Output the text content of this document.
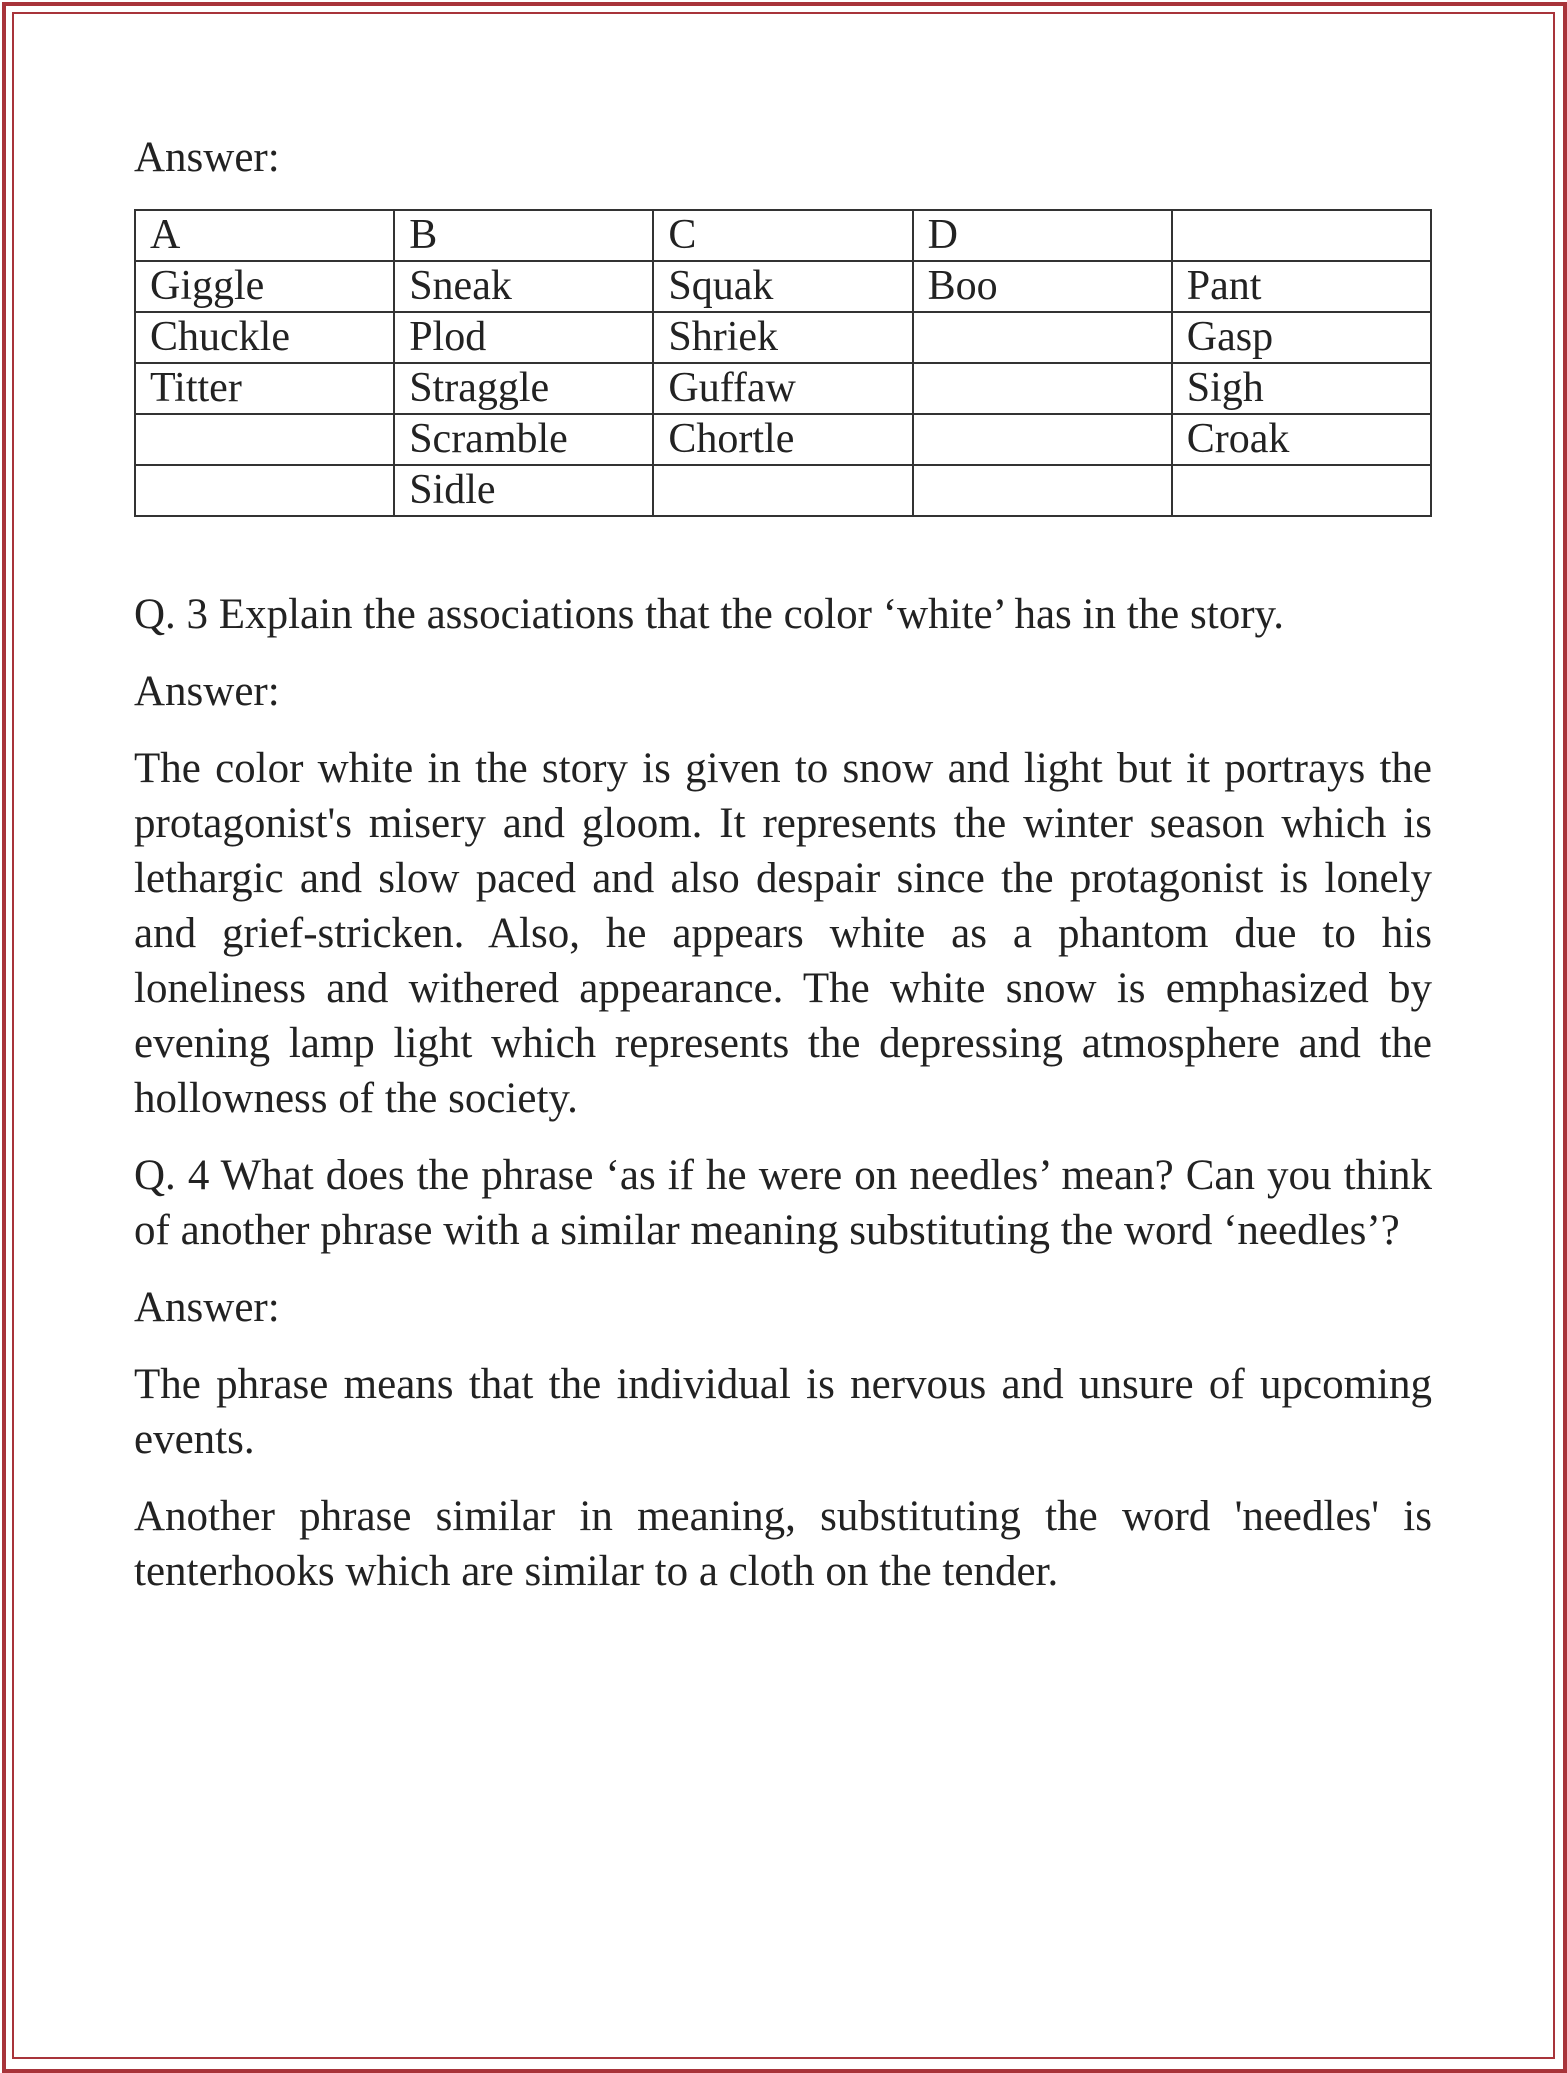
Answer:
A	B	C	D	
Giggle	Sneak	Squak	Boo	Pant
Chuckle	Plod	Shriek		Gasp
Titter	Straggle	Guffaw		Sigh
	Scramble	Chortle		Croak
	Sidle			
Q. 3 Explain the associations that the color ‘white’ has in the story.
Answer:

The color white in the story is given to snow and light but it portrays the protagonist's misery and gloom. It represents the winter season which is lethargic and slow paced and also despair since the protagonist is lonely and grief-stricken. Also, he appears white as a phantom due to his loneliness and withered appearance. The white snow is emphasized by evening lamp light which represents the depressing atmosphere and the hollowness of the society.

Q. 4 What does the phrase ‘as if he were on needles’ mean? Can you think of another phrase with a similar meaning substituting the word ‘needles’?

Answer:

The phrase means that the individual is nervous and unsure of upcoming events.

Another phrase similar in meaning, substituting the word 'needles' is tenterhooks which are similar to a cloth on the tender.
